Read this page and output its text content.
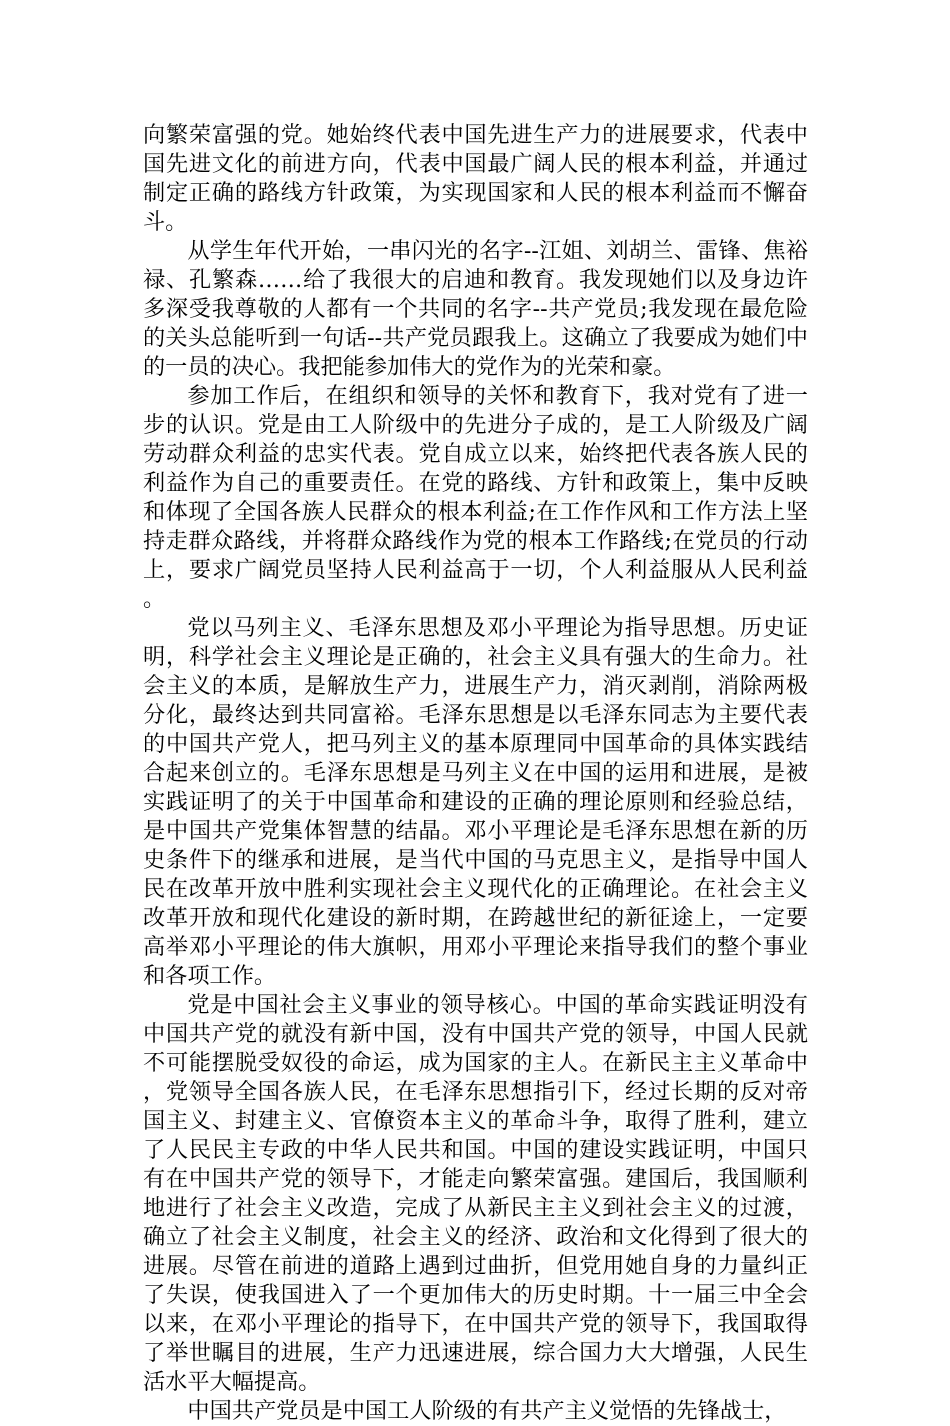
向繁荣富强的党。她始终代表中国先进生产力的进展要求，代表中国先进文化的前进方向，代表中国最广阔人民的根本利益，并通过制定正确的路线方针政策，为实现国家和人民的根本利益而不懈奋斗。

从学生年代开始，一串闪光的名字--江姐、刘胡兰、雷锋、焦裕禄、孔繁森……给了我很大的启迪和教育。我发现她们以及身边许多深受我尊敬的人都有一个共同的名字--共产党员;我发现在最危险的关头总能听到一句话--共产党员跟我上。这确立了我要成为她们中的一员的决心。我把能参加伟大的党作为的光荣和豪。

参加工作后，在组织和领导的关怀和教育下，我对党有了进一步的认识。党是由工人阶级中的先进分子成的，是工人阶级及广阔劳动群众利益的忠实代表。党自成立以来，始终把代表各族人民的利益作为自己的重要责任。在党的路线、方针和政策上，集中反映和体现了全国各族人民群众的根本利益;在工作作风和工作方法上坚持走群众路线，并将群众路线作为党的根本工作路线;在党员的行动上，要求广阔党员坚持人民利益高于一切，个人利益服从人民利益。

党以马列主义、毛泽东思想及邓小平理论为指导思想。历史证明，科学社会主义理论是正确的，社会主义具有强大的生命力。社会主义的本质，是解放生产力，进展生产力，消灭剥削，消除两极分化，最终达到共同富裕。毛泽东思想是以毛泽东同志为主要代表的中国共产党人，把马列主义的基本原理同中国革命的具体实践结合起来创立的。毛泽东思想是马列主义在中国的运用和进展，是被实践证明了的关于中国革命和建设的正确的理论原则和经验总结，是中国共产党集体智慧的结晶。邓小平理论是毛泽东思想在新的历史条件下的继承和进展，是当代中国的马克思主义，是指导中国人民在改革开放中胜利实现社会主义现代化的正确理论。在社会主义改革开放和现代化建设的新时期，在跨越世纪的新征途上，一定要高举邓小平理论的伟大旗帜，用邓小平理论来指导我们的整个事业和各项工作。

党是中国社会主义事业的领导核心。中国的革命实践证明没有中国共产党的就没有新中国，没有中国共产党的领导，中国人民就不可能摆脱受奴役的命运，成为国家的主人。在新民主主义革命中，党领导全国各族人民，在毛泽东思想指引下，经过长期的反对帝国主义、封建主义、官僚资本主义的革命斗争，取得了胜利，建立了人民民主专政的中华人民共和国。中国的建设实践证明，中国只有在中国共产党的领导下，才能走向繁荣富强。建国后，我国顺利地进行了社会主义改造，完成了从新民主主义到社会主义的过渡，确立了社会主义制度，社会主义的经济、政治和文化得到了很大的进展。尽管在前进的道路上遇到过曲折，但党用她自身的力量纠正了失误，使我国进入了一个更加伟大的历史时期。十一届三中全会以来，在邓小平理论的指导下，在中国共产党的领导下，我国取得了举世瞩目的进展，生产力迅速进展，综合国力大大增强，人民生活水平大幅提高。

中国共产党员是中国工人阶级的有共产主义觉悟的先锋战士，
